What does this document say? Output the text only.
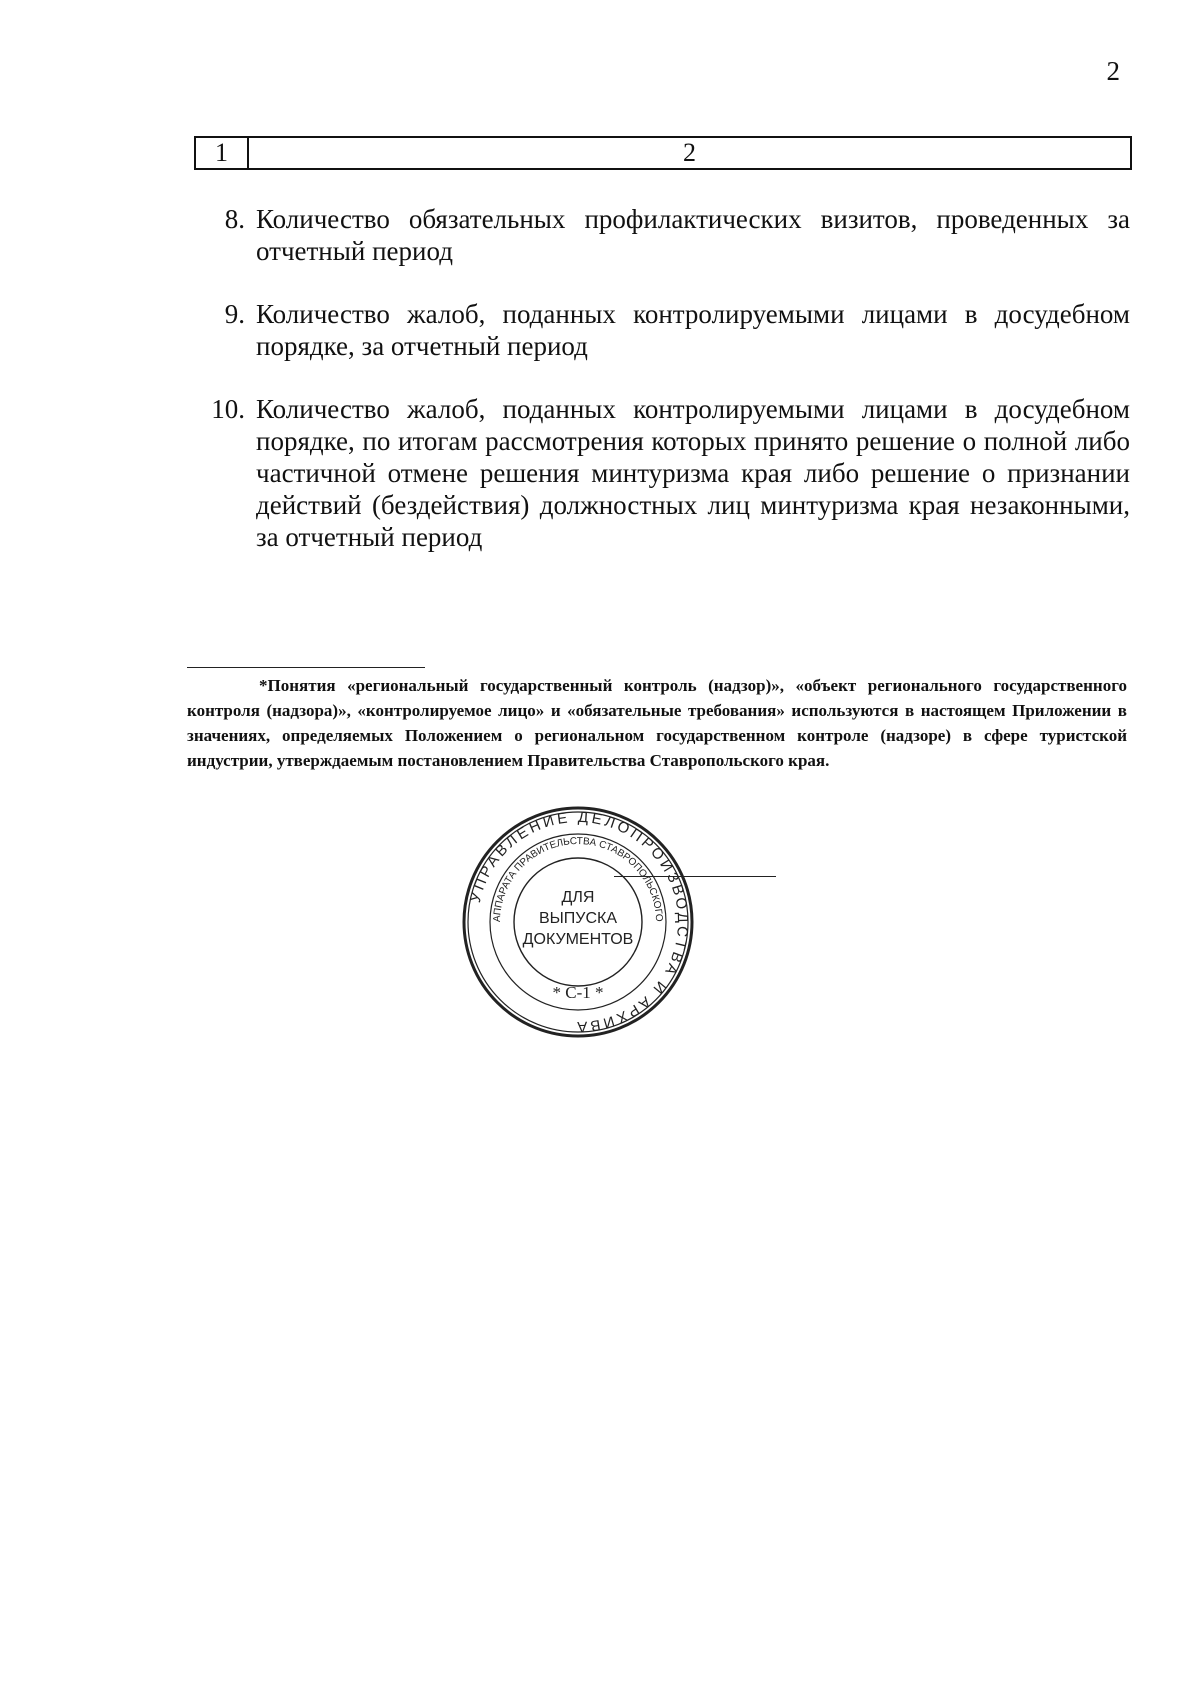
2
1	2
8. Количество обязательных профилактических визитов, проведенных за отчетный период
9. Количество жалоб, поданных контролируемыми лицами в досудебном порядке, за отчетный период
10. Количество жалоб, поданных контролируемыми лицами в досудебном порядке, по итогам рассмотрения которых принято решение о полной либо частичной отмене решения минтуризма края либо решение о признании действий (бездействия) должностных лиц минтуризма края незаконными, за отчетный период
*Понятия «региональный государственный контроль (надзор)», «объект регионального государственного контроля (надзора)», «контролируемое лицо» и «обязательные требования» используются в настоящем Приложении в значениях, определяемых Положением о региональном государственном контроле (надзоре) в сфере туристской индустрии, утверждаемым постановлением Правительства Ставропольского края.
УПРАВЛЕНИЕ ДЕЛОПРОИЗВОДСТВА И АРХИВА
АППАРАТА ПРАВИТЕЛЬСТВА СТАВРОПОЛЬСКОГО
ДЛЯ
ВЫПУСКА
ДОКУМЕНТОВ
* С-1 *
